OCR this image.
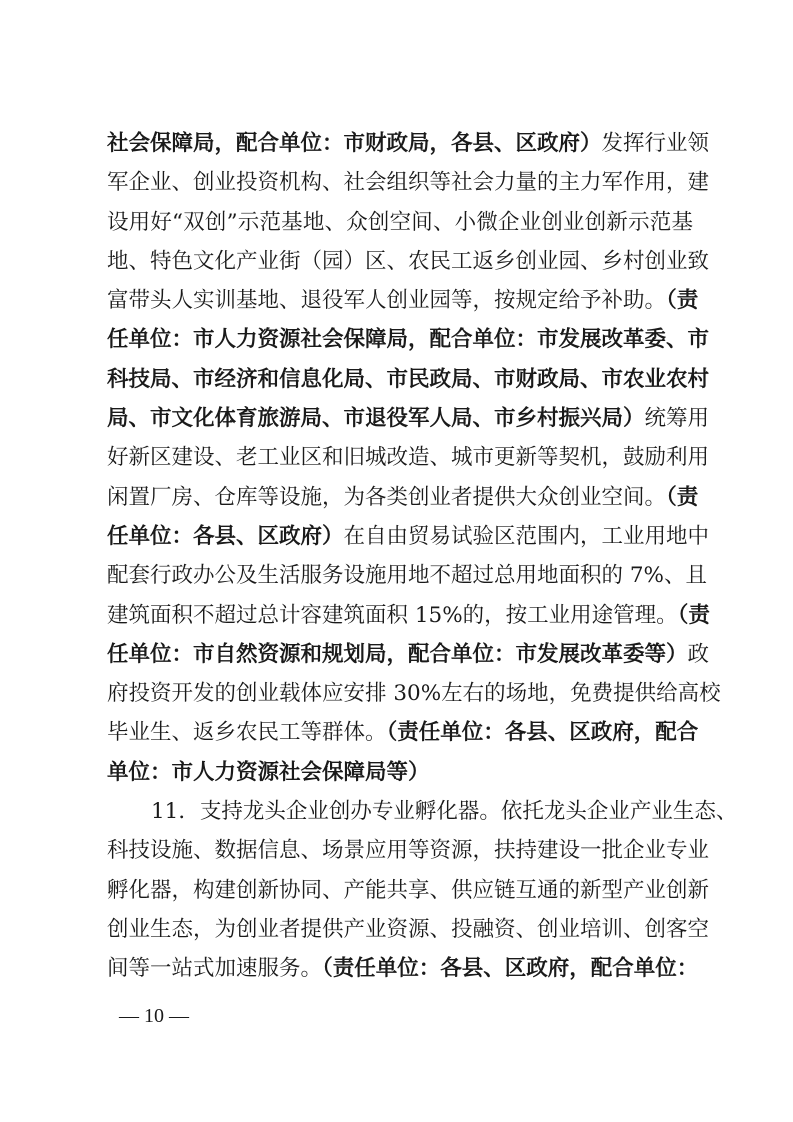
社会保障局，配合单位：市财政局，各县、区政府）发挥行业领
军企业、创业投资机构、社会组织等社会力量的主力军作用，建
设用好“双创”示范基地、众创空间、小微企业创业创新示范基
地、特色文化产业街（园）区、农民工返乡创业园、乡村创业致
富带头人实训基地、退役军人创业园等，按规定给予补助。（责
任单位：市人力资源社会保障局，配合单位：市发展改革委、市
科技局、市经济和信息化局、市民政局、市财政局、市农业农村
局、市文化体育旅游局、市退役军人局、市乡村振兴局）统筹用
好新区建设、老工业区和旧城改造、城市更新等契机，鼓励利用
闲置厂房、仓库等设施，为各类创业者提供大众创业空间。（责
任单位：各县、区政府）在自由贸易试验区范围内，工业用地中
配套行政办公及生活服务设施用地不超过总用地面积的 7%、且
建筑面积不超过总计容建筑面积 15%的，按工业用途管理。（责
任单位：市自然资源和规划局，配合单位：市发展改革委等）政
府投资开发的创业载体应安排 30%左右的场地，免费提供给高校
毕业生、返乡农民工等群体。（责任单位：各县、区政府，配合
单位：市人力资源社会保障局等）
11．支持龙头企业创办专业孵化器。依托龙头企业产业生态、
科技设施、数据信息、场景应用等资源，扶持建设一批企业专业
孵化器，构建创新协同、产能共享、供应链互通的新型产业创新
创业生态，为创业者提供产业资源、投融资、创业培训、创客空
间等一站式加速服务。（责任单位：各县、区政府，配合单位：
— 10 —
